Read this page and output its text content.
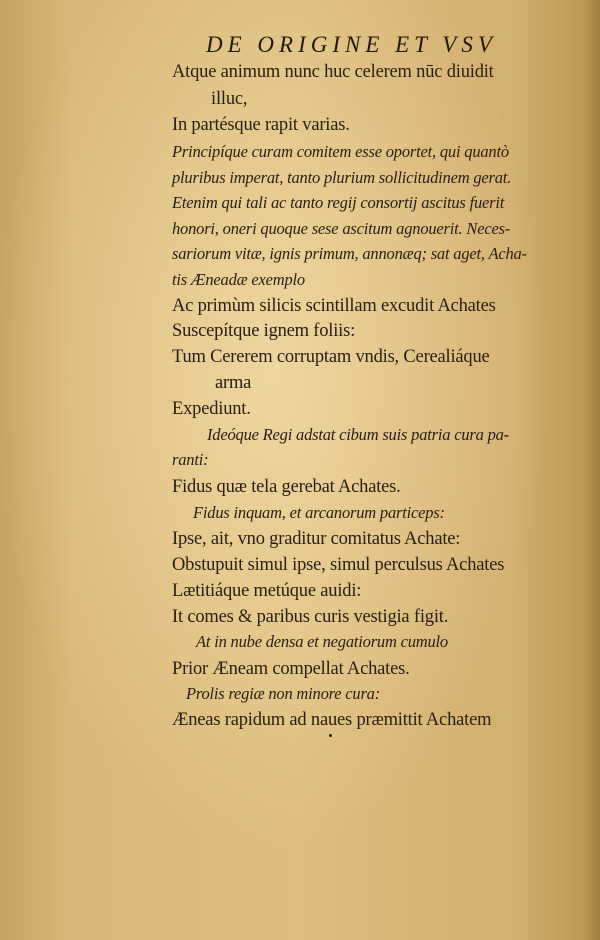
DE ORIGINE ET VSV
Atque animum nunc huc celerem nūc diuidit
illuc,
In partésque rapit varias.
Principíque curam comitem esse oportet, qui quantò
pluribus imperat, tanto plurium sollicitudinem gerat.
Etenim qui tali ac tanto regij consortij ascitus fuerit
honori, oneri quoque sese ascitum agnouerit. Neces-
sariorum vitæ, ignis primum, annonæq; sat aget, Acha-
tis Æneadæ exemplo
Ac primùm silicis scintillam excudit Achates
Suscepítque ignem foliis:
Tum Cererem corruptam vndis, Cerealiáque
arma
Expediunt.
Ideóque Regi adstat cibum suis patria cura pa-
ranti:
Fidus quæ tela gerebat Achates.
Fidus inquam, et arcanorum particeps:
Ipse, ait, vno graditur comitatus Achate:
Obstupuit simul ipse, simul perculsus Achates
Lætitiáque metúque auidi:
It comes & paribus curis vestigia figit.
At in nube densa et negatiorum cumulo
Prior Æneam compellat Achates.
Prolis regiæ non minore cura:
Æneas rapidum ad naues præmittit Achatem
